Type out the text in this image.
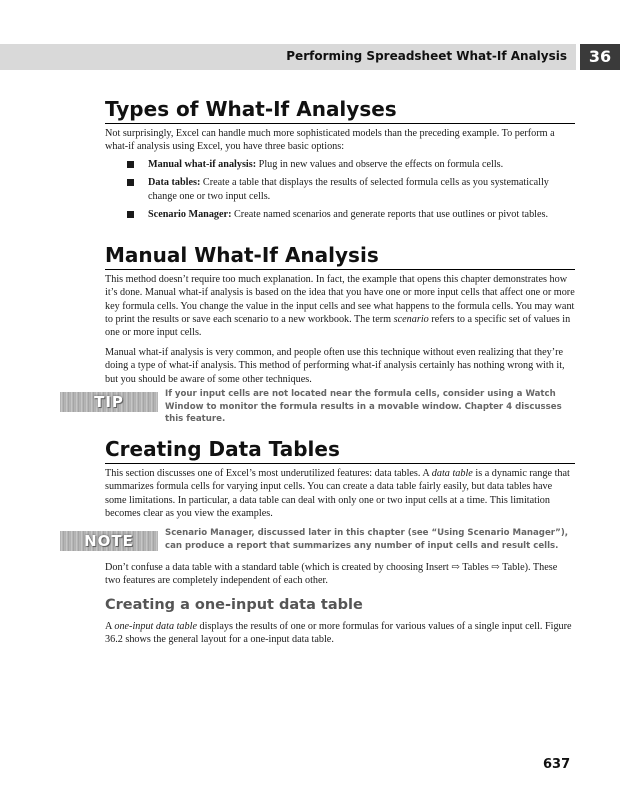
Performing Spreadsheet What-If Analysis	36
Types of What-If Analyses

Not surprisingly, Excel can handle much more sophisticated models than the preceding example. To perform a what-if analysis using Excel, you have three basic options:

Manual what-if analysis: Plug in new values and observe the effects on formula cells.
Data tables: Create a table that displays the results of selected formula cells as you systematically change one or two input cells.
Scenario Manager: Create named scenarios and generate reports that use outlines or pivot tables.
Manual What-If Analysis

This method doesn’t require too much explanation. In fact, the example that opens this chapter demonstrates how it’s done. Manual what-if analysis is based on the idea that you have one or more input cells that affect one or more key formula cells. You change the value in the input cells and see what happens to the formula cells. You may want to print the results or save each scenario to a new workbook. The term scenario refers to a specific set of values in one or more input cells.

Manual what-if analysis is very common, and people often use this technique without even realizing that they’re doing a type of what-if analysis. This method of performing what-if analysis certainly has nothing wrong with it, but you should be aware of some other techniques.

Creating Data Tables

This section discusses one of Excel’s most underutilized features: data tables. A data table is a dynamic range that summarizes formula cells for varying input cells. You can create a data table fairly easily, but data tables have some limitations. In particular, a data table can deal with only one or two input cells at a time. This limitation becomes clear as you view the examples.

Don’t confuse a data table with a standard table (which is created by choosing Insert ⇨ Tables ⇨ Table). These two features are completely independent of each other.

Creating a one-input data table

A one-input data table displays the results of one or more formulas for various values of a single input cell. Figure 36.2 shows the general layout for a one-input data table.

TIP	If your input cells are not located near the formula cells, consider using a Watch Window to monitor the formula results in a movable window. Chapter 4 discusses this feature.
NOTE	Scenario Manager, discussed later in this chapter (see “Using Scenario Manager”), can produce a report that summarizes any number of input cells and result cells.
637
